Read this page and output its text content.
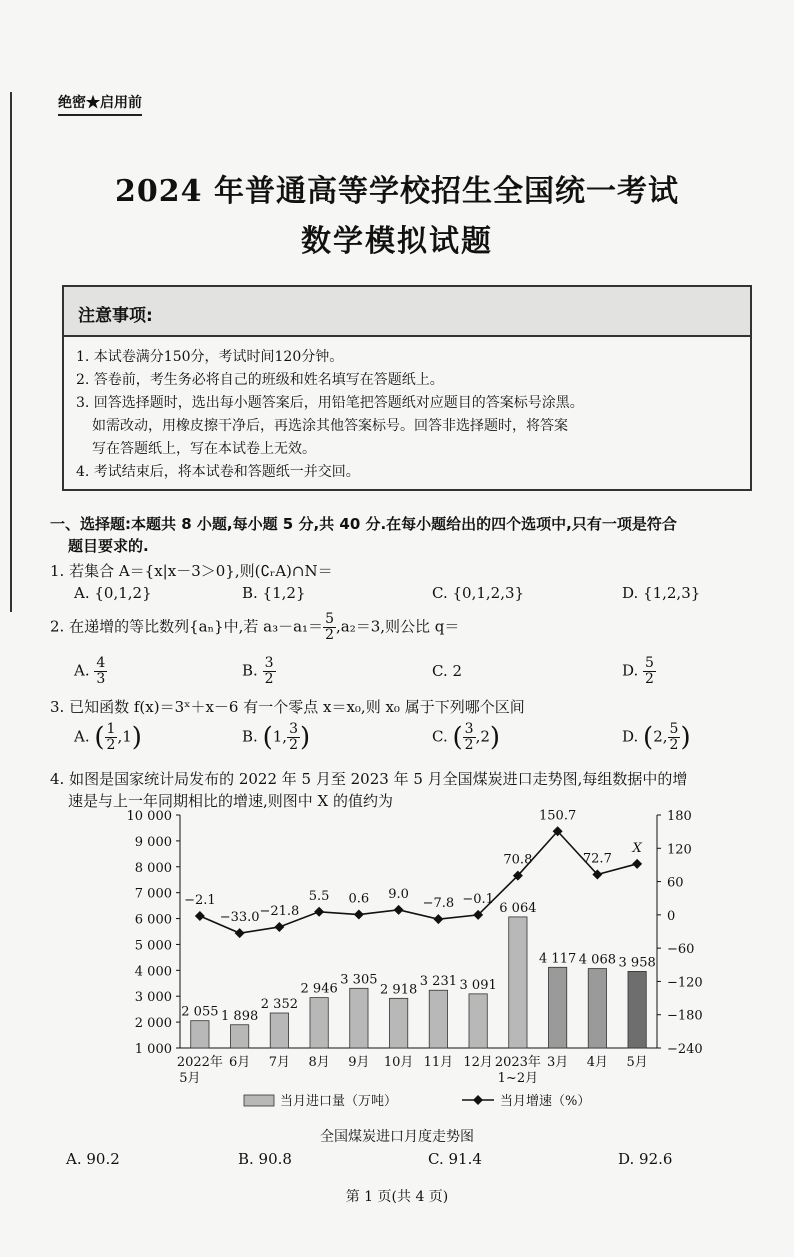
绝密★启用前
2024 年普通高等学校招生全国统一考试
数学模拟试题
注意事项:
1. 本试卷满分150分，考试时间120分钟。
2. 答卷前，考生务必将自己的班级和姓名填写在答题纸上。
3. 回答选择题时，选出每小题答案后，用铅笔把答题纸对应题目的答案标号涂黑。
如需改动，用橡皮擦干净后，再选涂其他答案标号。回答非选择题时，将答案
写在答题纸上，写在本试卷上无效。
4. 考试结束后，将本试卷和答题纸一并交回。
一、选择题:本题共 8 小题,每小题 5 分,共 40 分.在每小题给出的四个选项中,只有一项是符合
题目要求的.
1. 若集合 A＝{x|x－3＞0},则(∁ᵣA)∩N＝
A. {0,1,2}	B. {1,2}	C. {0,1,2,3}	D. {1,2,3}
2. 在递增的等比数列{aₙ}中,若 $a_3-a_1= \frac{5}{2} ,a_2=3$,则公比 q＝
A. $\frac{4}{3}$	B. $\frac{3}{2}$	C. 2	D. $\frac{5}{2}$
3. 已知函数 f(x)＝3ˣ＋x－6 有一个零点 x＝x₀,则 x₀ 属于下列哪个区间
A. ( $\frac{1}{2} ,1$)	B. (1, $\frac{3}{2}$ )	C. ( $\frac{3}{2} ,2$)	D. (2, $\frac{5}{2}$ )
4. 如图是国家统计局发布的 2022 年 5 月至 2023 年 5 月全国煤炭进口走势图,每组数据中的增
速是与上一年同期相比的增速,则图中 X 的值约为
1 000
2 000
3 000
4 000
5 000
6 000
7 000
8 000
9 000
10 000
−240
−180
−120
−60
0
60
120
180
2 055 1 898
2 352
2 946
3 305
2 918
3 231 3 091
6 064
4 117 4 068 3 958
−2.1
−33.0 −21.8
5.5 0.6 9.0
−7.8 −0.1
70.8
150.7
72.7
X
2022年
5月
6月 7月 8月 9月 10月 11月 12月 2023年
1~2月
3月 4月 5月
当月进口量（万吨）	当月增速（%）
全国煤炭进口月度走势图
A. 90.2	B. 90.8	C. 91.4	D. 92.6
第 1 页(共 4 页)
